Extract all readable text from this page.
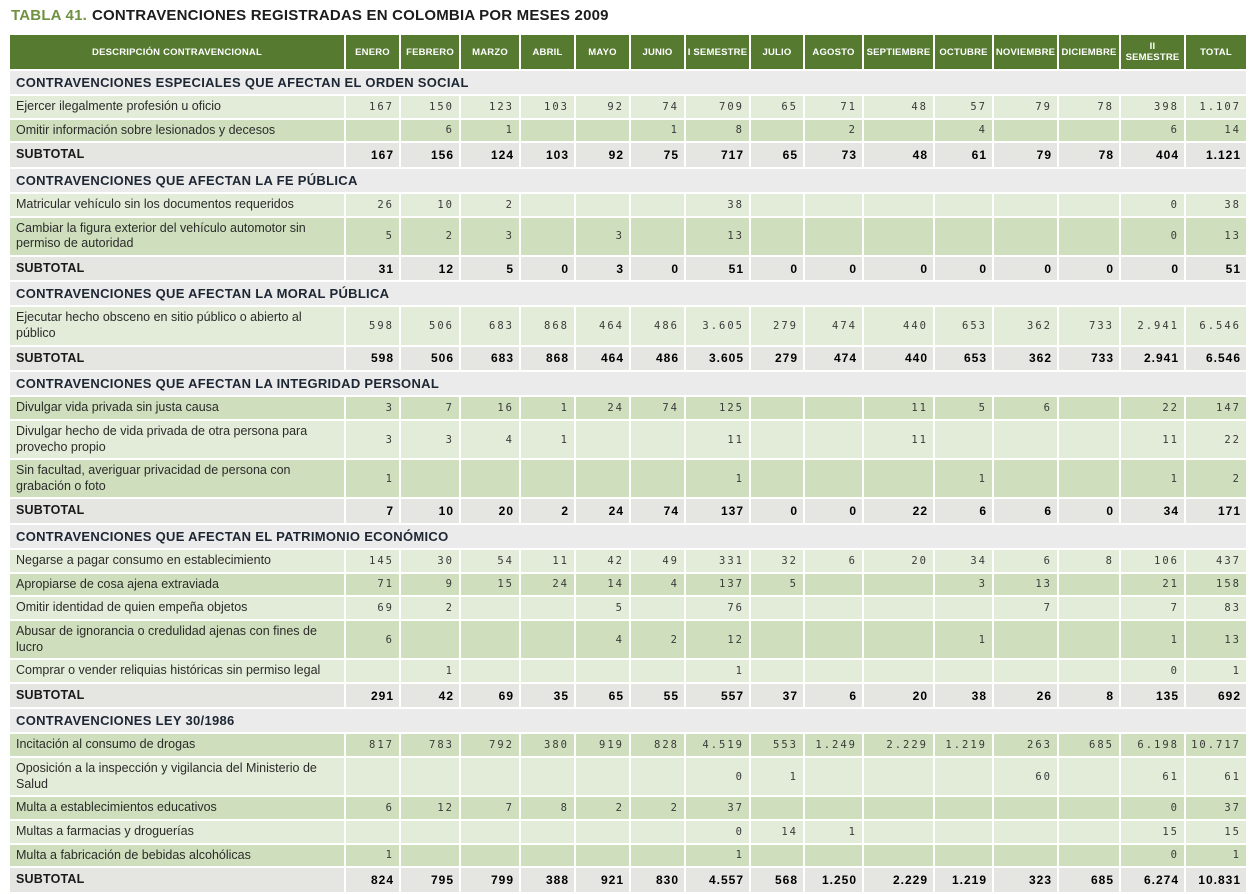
TABLA 41. CONTRAVENCIONES REGISTRADAS EN COLOMBIA POR MESES 2009
DESCRIPCIÓN CONTRAVENCIONAL	ENERO	FEBRERO	MARZO	ABRIL	MAYO	JUNIO	I SEMESTRE	JULIO	AGOSTO	SEPTIEMBRE	OCTUBRE	NOVIEMBRE	DICIEMBRE	II SEMESTRE	TOTAL
CONTRAVENCIONES ESPECIALES QUE AFECTAN EL ORDEN SOCIAL															
Ejercer ilegalmente profesión u oficio	167	150	123	103	92	74	709	65	71	48	57	79	78	398	1.107
Omitir información sobre lesionados y decesos		6	1			1	8		2		4			6	14
SUBTOTAL	167	156	124	103	92	75	717	65	73	48	61	79	78	404	1.121
CONTRAVENCIONES QUE AFECTAN LA FE PÚBLICA															
Matricular vehículo sin los documentos requeridos	26	10	2				38							0	38
Cambiar la figura exterior del vehículo automotor sin permiso de autoridad	5	2	3		3		13							0	13
SUBTOTAL	31	12	5	0	3	0	51	0	0	0	0	0	0	0	51
CONTRAVENCIONES QUE AFECTAN LA MORAL PÚBLICA															
Ejecutar hecho obsceno en sitio público o abierto al público	598	506	683	868	464	486	3.605	279	474	440	653	362	733	2.941	6.546
SUBTOTAL	598	506	683	868	464	486	3.605	279	474	440	653	362	733	2.941	6.546
CONTRAVENCIONES QUE AFECTAN LA INTEGRIDAD PERSONAL															
Divulgar vida privada sin justa causa	3	7	16	1	24	74	125			11	5	6		22	147
Divulgar hecho de vida privada de otra persona para provecho propio	3	3	4	1			11			11				11	22
Sin facultad, averiguar privacidad de persona con grabación o foto	1						1				1			1	2
SUBTOTAL	7	10	20	2	24	74	137	0	0	22	6	6	0	34	171
CONTRAVENCIONES QUE AFECTAN EL PATRIMONIO ECONÓMICO															
Negarse a pagar consumo en establecimiento	145	30	54	11	42	49	331	32	6	20	34	6	8	106	437
Apropiarse de cosa ajena extraviada	71	9	15	24	14	4	137	5			3	13		21	158
Omitir identidad de quien empeña objetos	69	2			5		76					7		7	83
Abusar de ignorancia o credulidad ajenas con fines de lucro	6				4	2	12				1			1	13
Comprar o vender reliquias históricas sin permiso legal		1					1							0	1
SUBTOTAL	291	42	69	35	65	55	557	37	6	20	38	26	8	135	692
CONTRAVENCIONES LEY 30/1986															
Incitación al consumo de drogas	817	783	792	380	919	828	4.519	553	1.249	2.229	1.219	263	685	6.198	10.717
Oposición a la inspección y vigilancia del Ministerio de Salud							0	1				60		61	61
Multa a establecimientos educativos	6	12	7	8	2	2	37							0	37
Multas a farmacias y droguerías							0	14	1					15	15
Multa a fabricación de bebidas alcohólicas	1						1							0	1
SUBTOTAL	824	795	799	388	921	830	4.557	568	1.250	2.229	1.219	323	685	6.274	10.831
